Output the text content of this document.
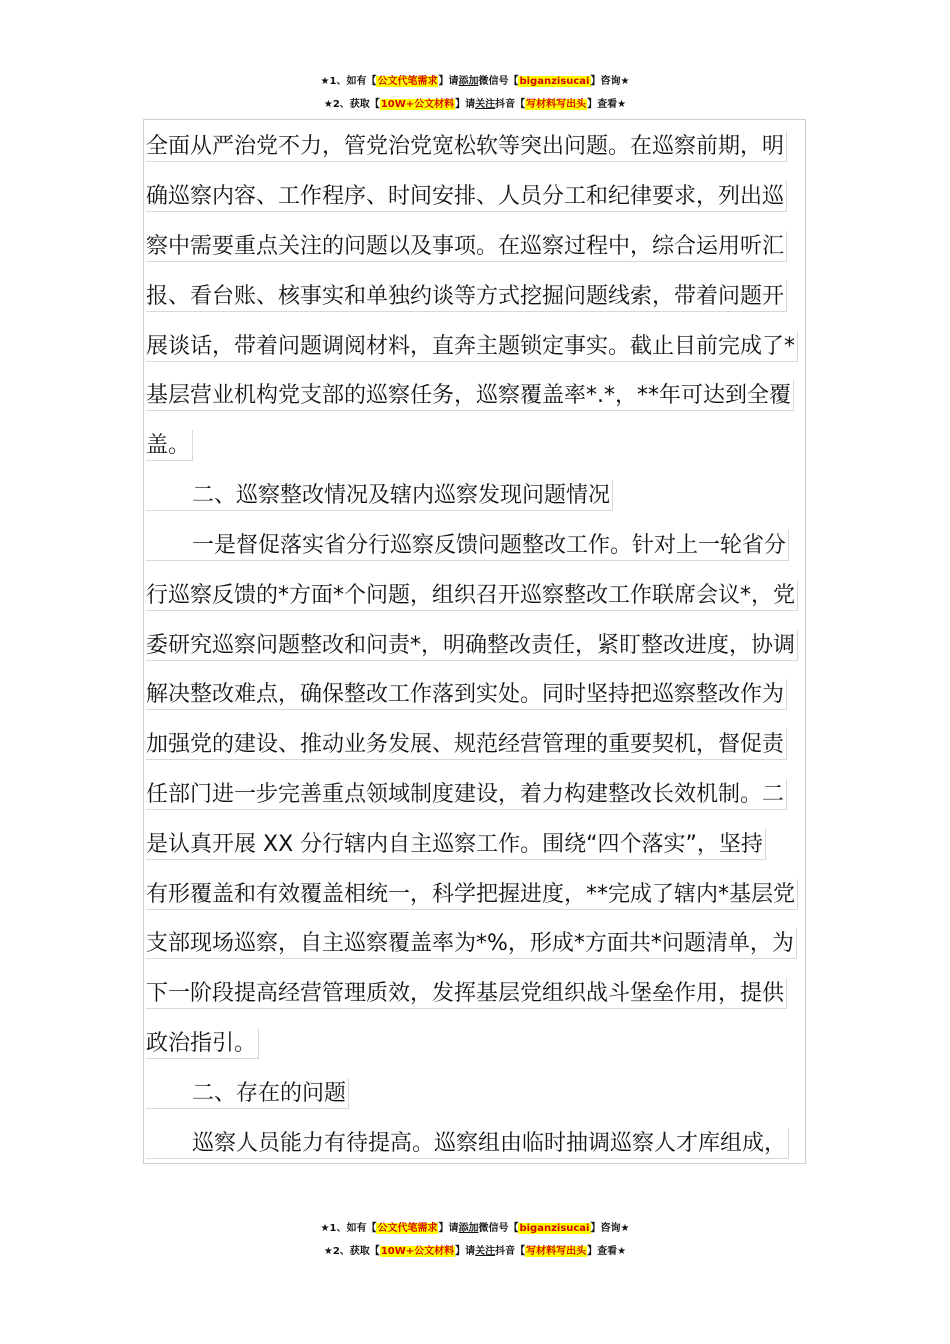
★1、如有【公文代笔需求】请添加微信号【biganzisucai】咨询★
★2、获取【10W+公文材料】请关注抖音【写材料写出头】查看★
全面从严治党不力，管党治党宽松软等突出问题。在巡察前期，明
确巡察内容、工作程序、时间安排、人员分工和纪律要求，列出巡
察中需要重点关注的问题以及事项。在巡察过程中，综合运用听汇
报、看台账、核事实和单独约谈等方式挖掘问题线索，带着问题开
展谈话，带着问题调阅材料，直奔主题锁定事实。截止目前完成了*
基层营业机构党支部的巡察任务，巡察覆盖率*.*，**年可达到全覆
盖。
二、巡察整改情况及辖内巡察发现问题情况
一是督促落实省分行巡察反馈问题整改工作。针对上一轮省分
行巡察反馈的*方面*个问题，组织召开巡察整改工作联席会议*，党
委研究巡察问题整改和问责*，明确整改责任，紧盯整改进度，协调
解决整改难点，确保整改工作落到实处。同时坚持把巡察整改作为
加强党的建设、推动业务发展、规范经营管理的重要契机，督促责
任部门进一步完善重点领域制度建设，着力构建整改长效机制。二
是认真开展 XX 分行辖内自主巡察工作。围绕“四个落实”，坚持
有形覆盖和有效覆盖相统一，科学把握进度，**完成了辖内*基层党
支部现场巡察，自主巡察覆盖率为*%，形成*方面共*问题清单，为
下一阶段提高经营管理质效，发挥基层党组织战斗堡垒作用，提供
政治指引。
二、存在的问题
巡察人员能力有待提高。巡察组由临时抽调巡察人才库组成，
★1、如有【公文代笔需求】请添加微信号【biganzisucai】咨询★
★2、获取【10W+公文材料】请关注抖音【写材料写出头】查看★
